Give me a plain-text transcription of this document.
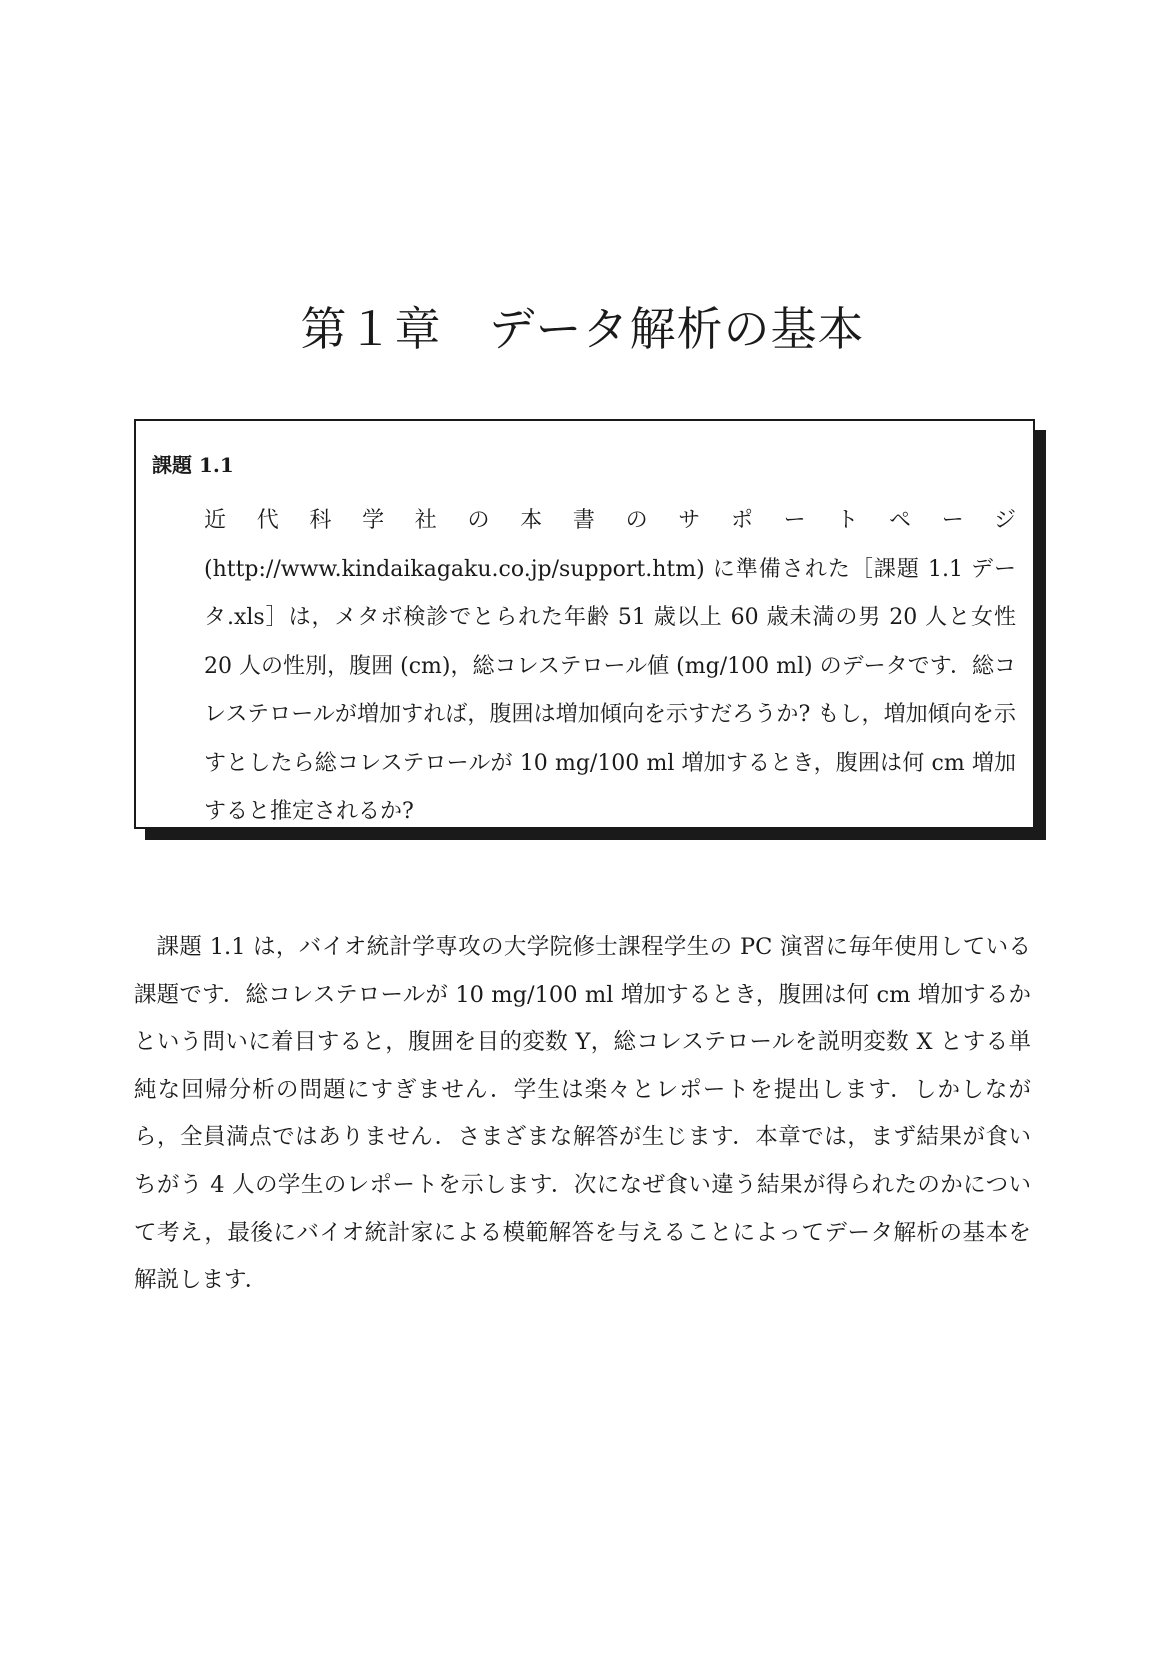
第１章　データ解析の基本
課題 1.1

近代科学社の本書のサポートページ (http://www.kindaikagaku.co.jp/support.htm) に準備された［課題 1.1 データ.xls］は，メタボ検診でとられた年齢 51 歳以上 60 歳未満の男 20 人と女性 20 人の性別，腹囲 (cm)，総コレステロール値 (mg/100 ml) のデータです．総コレステロールが増加すれば，腹囲は増加傾向を示すだろうか? もし，増加傾向を示すとしたら総コレステロールが 10 mg/100 ml 増加するとき，腹囲は何 cm 増加すると推定されるか?

課題 1.1 は，バイオ統計学専攻の大学院修士課程学生の PC 演習に毎年使用している課題です．総コレステロールが 10 mg/100 ml 増加するとき，腹囲は何 cm 増加するかという問いに着目すると，腹囲を目的変数 Y，総コレステロールを説明変数 X とする単純な回帰分析の問題にすぎません．学生は楽々とレポートを提出します．しかしながら，全員満点ではありません．さまざまな解答が生じます．本章では，まず結果が食いちがう 4 人の学生のレポートを示します．次になぜ食い違う結果が得られたのかについて考え，最後にバイオ統計家による模範解答を与えることによってデータ解析の基本を解説します．
